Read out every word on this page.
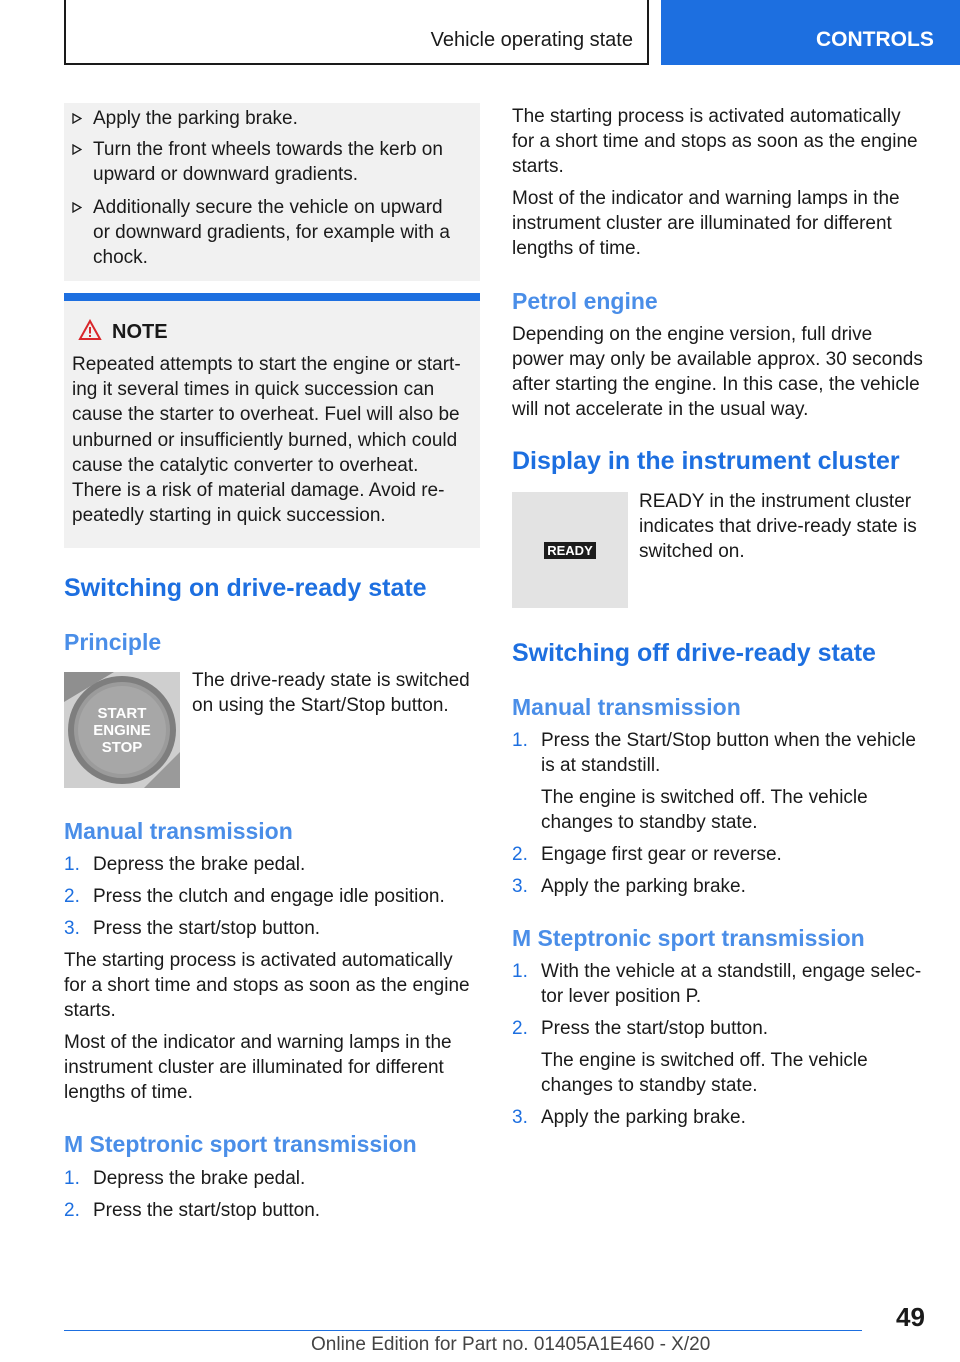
Vehicle operating state	CONTROLS
Apply the parking brake.
Turn the front wheels towards the kerb on
upward or downward gradients.
Additionally secure the vehicle on upward
or downward gradients, for example with a
chock.
NOTE
Repeated attempts to start the engine or start-
ing it several times in quick succession can
cause the starter to overheat. Fuel will also be
unburned or insufficiently burned, which could
cause the catalytic converter to overheat.
There is a risk of material damage. Avoid re-
peatedly starting in quick succession.
Switching on drive-ready state
Principle
START
ENGINE
STOP
The drive-ready state is switched
on using the Start/Stop button.
Manual transmission
1. Depress the brake pedal.
2. Press the clutch and engage idle position.
3. Press the start/stop button.
The starting process is activated automatically
for a short time and stops as soon as the engine
starts.
Most of the indicator and warning lamps in the
instrument cluster are illuminated for different
lengths of time.
M Steptronic sport transmission
1. Depress the brake pedal.
2. Press the start/stop button.
The starting process is activated automatically
for a short time and stops as soon as the engine
starts.
Most of the indicator and warning lamps in the
instrument cluster are illuminated for different
lengths of time.
Petrol engine
Depending on the engine version, full drive
power may only be available approx. 30 seconds
after starting the engine. In this case, the vehicle
will not accelerate in the usual way.
Display in the instrument cluster
READY
READY in the instrument cluster
indicates that drive-ready state is
switched on.
Switching off drive-ready state
Manual transmission
1. Press the Start/Stop button when the vehicle
is at standstill.
The engine is switched off. The vehicle
changes to standby state.
2. Engage first gear or reverse.
3. Apply the parking brake.
M Steptronic sport transmission
1. With the vehicle at a standstill, engage selec-
tor lever position P.
2. Press the start/stop button.
The engine is switched off. The vehicle
changes to standby state.
3. Apply the parking brake.
49
Online Edition for Part no. 01405A1E460 - X/20
